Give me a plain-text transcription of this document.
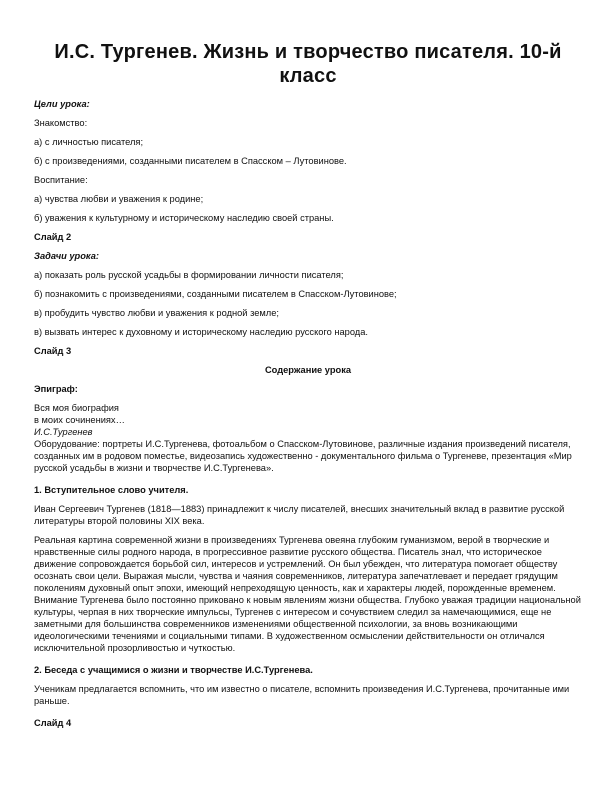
И.С. Тургенев. Жизнь и творчество писателя. 10-й класс

Цели урока:

Знакомство:

а) с личностью писателя;

б) с произведениями, созданными писателем в Спасском – Лутовинове.

Воспитание:

а) чувства любви и уважения к родине;

б) уважения к культурному и историческому наследию своей страны.

Слайд 2

Задачи урока:

а) показать роль русской усадьбы в формировании личности писателя;

б) познакомить с произведениями, созданными писателем в Спасском-Лутовинове;

в) пробудить чувство любви и уважения к родной земле;

в) вызвать интерес к духовному и историческому наследию русского народа.

Слайд 3

Содержание урока

Эпиграф:

Вся моя биография

в моих сочинениях…

И.С.Тургенев

Оборудование: портреты И.С.Тургенева, фотоальбом о Спасском-Лутовинове, различные издания произведений писателя, созданных им в родовом поместье, видеозапись художественно - документального фильма о Тургеневе, презентация «Мир русской усадьбы в жизни и творчестве И.С.Тургенева».

1. Вступительное слово учителя.

Иван Сергеевич Тургенев (1818—1883) принадлежит к числу писателей, внесших значительный вклад в развитие русской литературы второй половины XIX века.

Реальная картина современной жизни в произведениях Тургенева овеяна глубоким гуманизмом, верой в творческие и нравственные силы родного народа, в прогрессивное развитие русского общества. Писатель знал, что историческое движение сопровождается борьбой сил, интересов и устремлений. Он был убежден, что литература помогает обществу осознать свои цели. Выражая мысли, чувства и чаяния современников, литература запечатлевает и передает грядущим поколениям духовный опыт эпохи, имеющий непреходящую ценность, как и характеры людей, порожденные временем. Внимание Тургенева было постоянно приковано к новым явлениям жизни общества. Глубоко уважая традиции национальной культуры, черпая в них творческие импульсы, Тургенев с интересом и сочувствием следил за намечающимися, еще не заметными для большинства современников изменениями общественной психологии, за вновь возникающими идеологическими течениями и социальными типами. В художественном осмыслении действительности он отличался исключительной прозорливостью и чуткостью.

2. Беседа с учащимися о жизни и творчестве И.С.Тургенева.

Ученикам предлагается вспомнить, что им известно о писателе, вспомнить произведения И.С.Тургенева, прочитанные ими раньше.

Слайд 4
